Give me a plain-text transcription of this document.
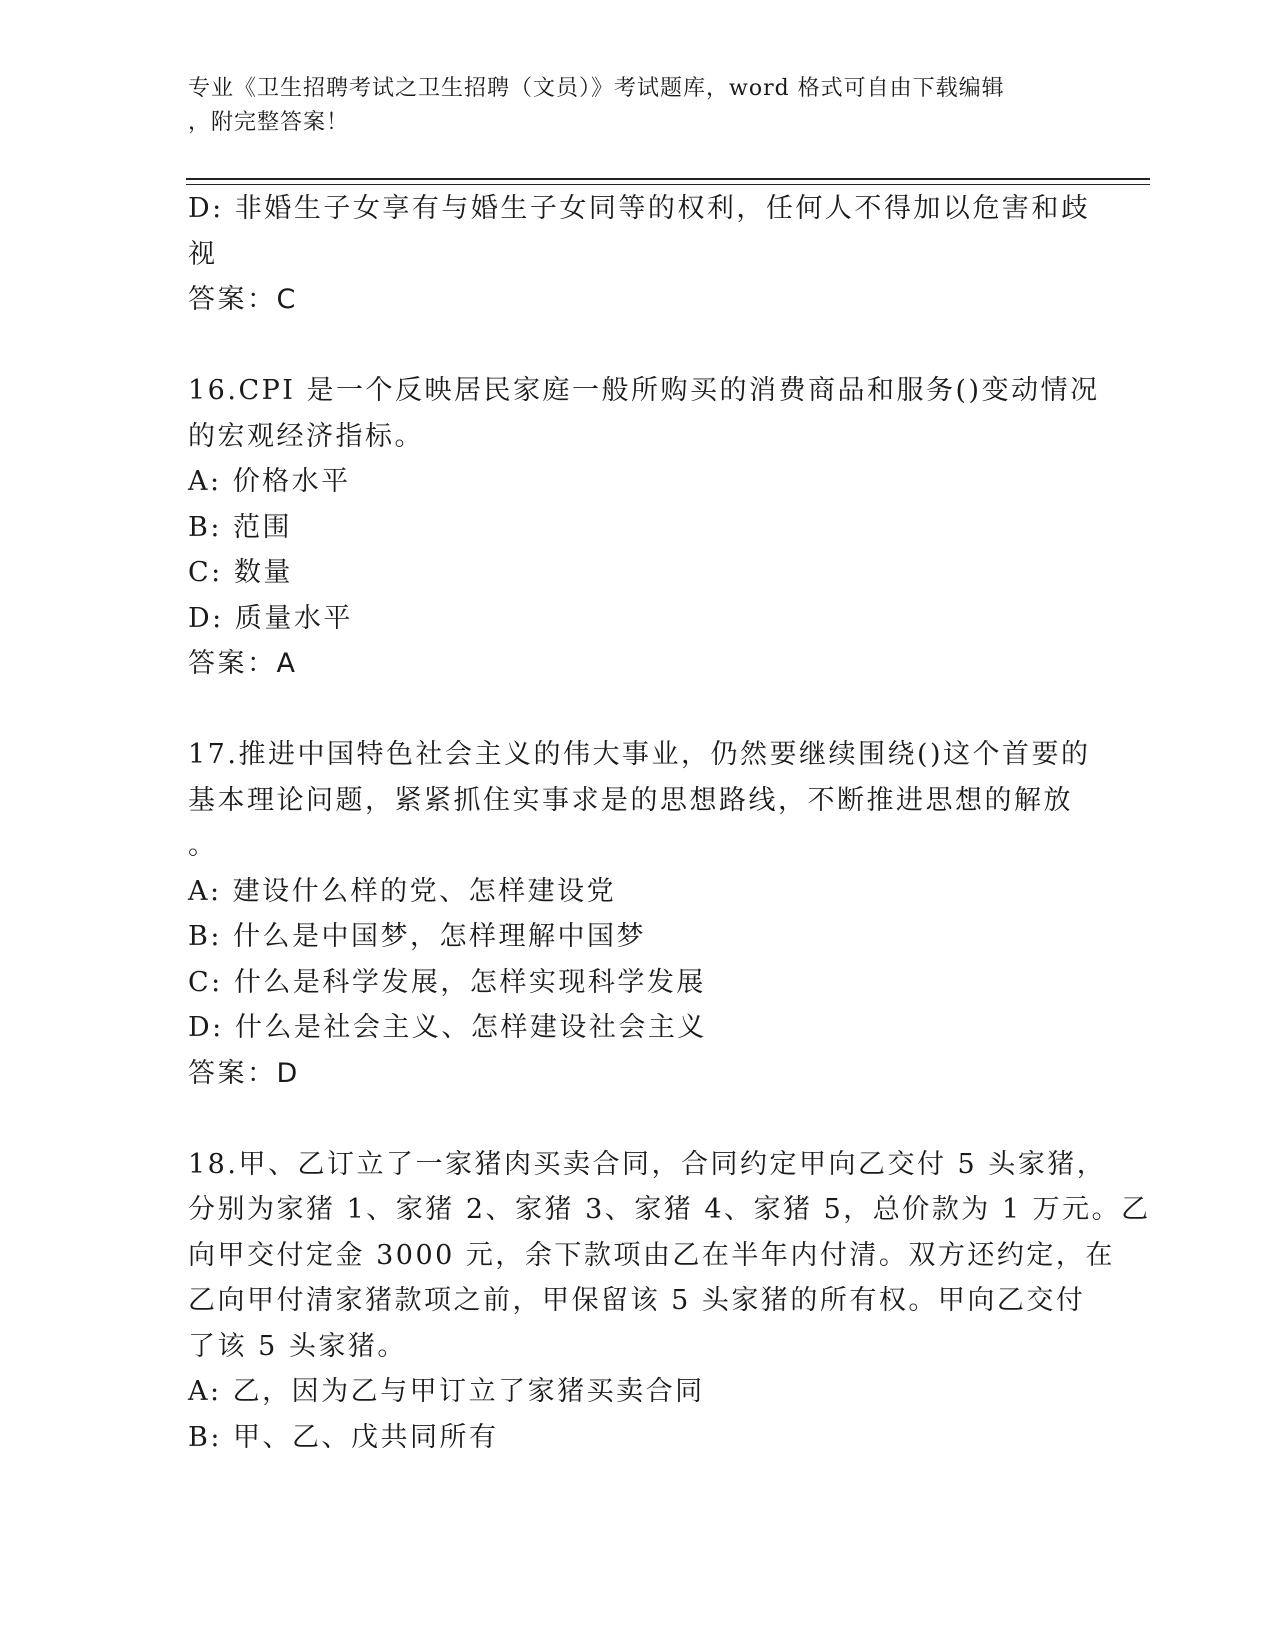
专业《卫生招聘考试之卫生招聘（文员）》考试题库，word 格式可自由下载编辑
，附完整答案！
D: 非婚生子女享有与婚生子女同等的权利，任何人不得加以危害和歧
视
答案：C
16.CPI 是一个反映居民家庭一般所购买的消费商品和服务()变动情况
的宏观经济指标。
A: 价格水平
B: 范围
C: 数量
D: 质量水平
答案：A
17.推进中国特色社会主义的伟大事业，仍然要继续围绕()这个首要的
基本理论问题，紧紧抓住实事求是的思想路线，不断推进思想的解放
。
A: 建设什么样的党、怎样建设党
B: 什么是中国梦，怎样理解中国梦
C: 什么是科学发展，怎样实现科学发展
D: 什么是社会主义、怎样建设社会主义
答案：D
18.甲、乙订立了一家猪肉买卖合同，合同约定甲向乙交付 5 头家猪，
分别为家猪 1、家猪 2、家猪 3、家猪 4、家猪 5，总价款为 1 万元。乙
向甲交付定金 3000 元，余下款项由乙在半年内付清。双方还约定，在
乙向甲付清家猪款项之前，甲保留该 5 头家猪的所有权。甲向乙交付
了该 5 头家猪。
A: 乙，因为乙与甲订立了家猪买卖合同
B: 甲、乙、戊共同所有
